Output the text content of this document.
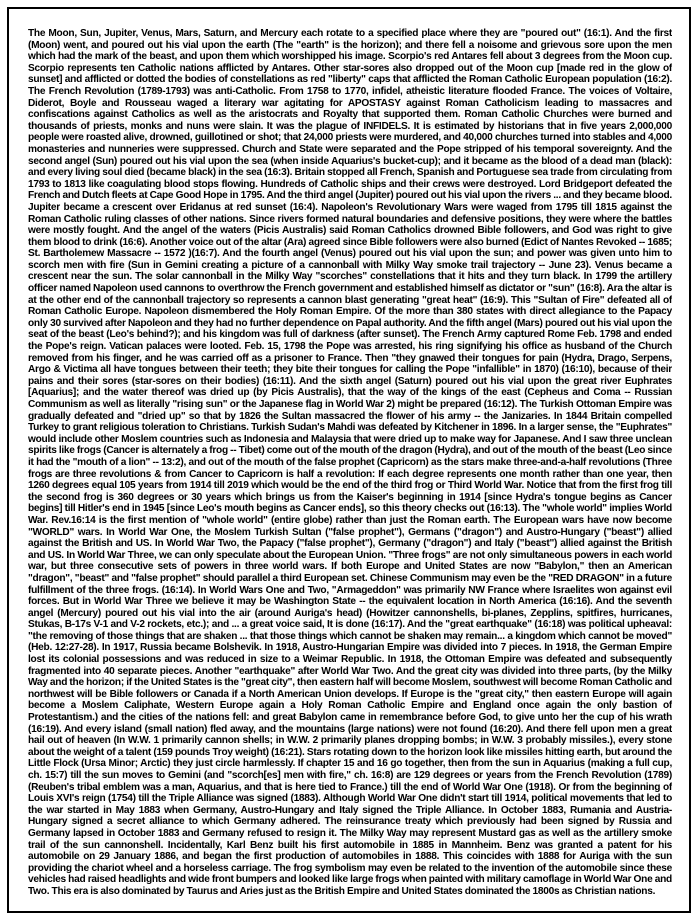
The Moon, Sun, Jupiter, Venus, Mars, Saturn, and Mercury each rotate to a specified place where they are "poured out" (16:1). And the first (Moon) went, and poured out his vial upon the earth (The "earth" is the horizon); and there fell a noisome and grievous sore upon the men which had the mark of the beast, and upon them which worshipped his image. Scorpio's red Antares fell about 3 degrees from the Moon cup. Scorpio represents ten Catholic nations afflicted by Antares. Other star-sores also dropped out of the Moon cup [made red in the glow of sunset] and afflicted or dotted the bodies of constellations as red "liberty" caps that afflicted the Roman Catholic European population (16:2). The French Revolution (1789-1793) was anti-Catholic. From 1758 to 1770, infidel, atheistic literature flooded France. The voices of Voltaire, Diderot, Boyle and Rousseau waged a literary war agitating for APOSTASY against Roman Catholicism leading to massacres and confiscations against Catholics as well as the aristocrats and Royalty that supported them. Roman Catholic Churches were burned and thousands of priests, monks and nuns were slain. It was the plague of INFIDELS. It is estimated by historians that in five years 2,000,000 people were roasted alive, drowned, guillotined or shot; that 24,000 priests were murdered, and 40,000 churches turned into stables and 4,000 monasteries and nunneries were suppressed. Church and State were separated and the Pope stripped of his temporal sovereignty. And the second angel (Sun) poured out his vial upon the sea (when inside Aquarius's bucket-cup); and it became as the blood of a dead man (black): and every living soul died (became black) in the sea (16:3). Britain stopped all French, Spanish and Portuguese sea trade from circulating from 1793 to 1813 like coagulating blood stops flowing. Hundreds of Catholic ships and their crews were destroyed. Lord Bridgeport defeated the French and Dutch fleets at Cape Good Hope in 1795. And the third angel (Jupiter) poured out his vial upon the rivers ... and they became blood. Jupiter became a crescent over Eridanus at red sunset (16:4). Napoleon's Revolutionary Wars were waged from 1795 till 1815 against the Roman Catholic ruling classes of other nations. Since rivers formed natural boundaries and defensive positions, they were where the battles were mostly fought. And the angel of the waters (Picis Australis) said Roman Catholics drowned Bible followers, and God was right to give them blood to drink (16:6). Another voice out of the altar (Ara) agreed since Bible followers were also burned (Edict of Nantes Revoked -- 1685; St. Bartholemew Massacre -- 1572 )(16:7). And the fourth angel (Venus) poured out his vial upon the sun; and power was given unto him to scorch men with fire (Sun in Gemini creating a picture of a cannonball with Milky Way smoke trail trajectory -- June 23). Venus became a crescent near the sun. The solar cannonball in the Milky Way "scorches" constellations that it hits and they turn black. In 1799 the artillery officer named Napoleon used cannons to overthrow the French government and established himself as dictator or "sun" (16:8). Ara the altar is at the other end of the cannonball trajectory so represents a cannon blast generating "great heat" (16:9). This "Sultan of Fire" defeated all of Roman Catholic Europe. Napoleon dismembered the Holy Roman Empire. Of the more than 380 states with direct allegiance to the Papacy only 30 survived after Napoleon and they had no further dependence on Papal authority. And the fifth angel (Mars) poured out his vial upon the seat of the beast (Leo's behind?); and his kingdom was full of darkness (after sunset). The French Army captured Rome Feb. 1798 and ended the Pope's reign. Vatican palaces were looted. Feb. 15, 1798 the Pope was arrested, his ring signifying his office as husband of the Church removed from his finger, and he was carried off as a prisoner to France. Then "they gnawed their tongues for pain (Hydra, Drago, Serpens, Argo & Victima all have tongues between their teeth; they bite their tongues for calling the Pope "infallible" in 1870) (16:10), because of their pains and their sores (star-sores on their bodies) (16:11). And the sixth angel (Saturn) poured out his vial upon the great river Euphrates [Aquarius]; and the water thereof was dried up (by Picis Australis), that the way of the kings of the east (Cepheus and Coma -- Russian Communism as well as literally "rising sun" or the Japanese flag in World War 2) might be prepared (16:12). The Turkish Ottoman Empire was gradually defeated and "dried up" so that by 1826 the Sultan massacred the flower of his army -- the Janizaries. In 1844 Britain compelled Turkey to grant religious toleration to Christians. Turkish Sudan's Mahdi was defeated by Kitchener in 1896. In a larger sense, the "Euphrates" would include other Moslem countries such as Indonesia and Malaysia that were dried up to make way for Japanese. And I saw three unclean spirits like frogs (Cancer is alternately a frog -- Tibet) come out of the mouth of the dragon (Hydra), and out of the mouth of the beast (Leo since it had the "mouth of a lion" -- 13:2), and out of the mouth of the false prophet (Capricorn) as the stars make three-and-a-half revolutions (Three frogs are three revolutions & from Cancer to Capricorn is half a revolution: If each degree represents one month rather than one year, then 1260 degrees equal 105 years from 1914 till 2019 which would be the end of the third frog or Third World War. Notice that from the first frog till the second frog is 360 degrees or 30 years which brings us from the Kaiser's beginning in 1914 [since Hydra's tongue begins as Cancer begins] till Hitler's end in 1945 [since Leo's mouth begins as Cancer ends], so this theory checks out (16:13). The "whole world" implies World War. Rev.16:14 is the first mention of "whole world" (entire globe) rather than just the Roman earth. The European wars have now become "WORLD" wars. In World War One, the Moslem Turkish Sultan ("false prophet"), Germans ("dragon") and Austro-Hungary ("beast") allied against the British and US. In World War Two, the Papacy ("false prophet"), Germany ("dragon") and Italy ("beast") allied against the British and US. In World War Three, we can only speculate about the European Union. "Three frogs" are not only simultaneous powers in each world war, but three consecutive sets of powers in three world wars. If both Europe and United States are now "Babylon," then an American "dragon", "beast" and "false prophet" should parallel a third European set. Chinese Communism may even be the "RED DRAGON" in a future fulfillment of the three frogs. (16:14). In World Wars One and Two, "Armageddon" was primarily NW France where Israelites won against evil forces. But in World War Three we believe it may be Washington State -- the equivalent location in North America (16:16). And the seventh angel (Mercury) poured out his vial into the air (around Auriga's head) (Howitzer cannonshells, bi-planes, Zepplins, spitfires, hurricanes, Stukas, B-17s V-1 and V-2 rockets, etc.); and ... a great voice said, It is done (16:17). And the "great earthquake" (16:18) was political upheaval: "the removing of those things that are shaken ... that those things which cannot be shaken may remain... a kingdom which cannot be moved" (Heb. 12:27-28). In 1917, Russia became Bolshevik. In 1918, Austro-Hungarian Empire was divided into 7 pieces. In 1918, the German Empire lost its colonial possessions and was reduced in size to a Weimar Republic. In 1918, the Ottoman Empire was defeated and subsequently fragmented into 40 separate pieces. Another "earthquake" after World War Two. And the great city was divided into three parts, (by the Milky Way and the horizon; if the United States is the "great city", then eastern half will become Moslem, southwest will become Roman Catholic and northwest will be Bible followers or Canada if a North American Union develops. If Europe is the "great city," then eastern Europe will again become a Moslem Caliphate, Western Europe again a Holy Roman Catholic Empire and England once again the only bastion of Protestantism.) and the cities of the nations fell: and great Babylon came in remembrance before God, to give unto her the cup of his wrath (16:19). And every island (small nation) fled away, and the mountains (large nations) were not found (16:20). And there fell upon men a great hail out of heaven (In W.W. 1 primarily cannon shells; in W.W. 2 primarily planes dropping bombs; in W.W. 3 probably missiles.), every stone about the weight of a talent (159 pounds Troy weight) (16:21). Stars rotating down to the horizon look like missiles hitting earth, but around the Little Flock (Ursa Minor; Arctic) they just circle harmlessly. If chapter 15 and 16 go together, then from the sun in Aquarius (making a full cup, ch. 15:7) till the sun moves to Gemini (and "scorch[es] men with fire," ch. 16:8) are 129 degrees or years from the French Revolution (1789) (Reuben's tribal emblem was a man, Aquarius, and that is here tied to France.) till the end of World War One (1918). Or from the beginning of Louis XVI's reign (1754) till the Triple Alliance was signed (1883). Although World War One didn't start till 1914, political movements that led to the war started in May 1883 when Germany, Austro-Hungary and Italy signed the Triple Alliance. In October 1883, Rumania and Austria-Hungary signed a secret alliance to which Germany adhered. The reinsurance treaty which previously had been signed by Russia and Germany lapsed in October 1883 and Germany refused to resign it. The Milky Way may represent Mustard gas as well as the artillery smoke trail of the sun cannonshell. Incidentally, Karl Benz built his first automobile in 1885 in Mannheim. Benz was granted a patent for his automobile on 29 January 1886, and began the first production of automobiles in 1888. This coincides with 1888 for Auriga with the sun providing the chariot wheel and a horseless carriage. The frog symbolism may even be related to the invention of the automobile since these vehicles had raised headlights and wide front bumpers and looked like large frogs when painted with military camoflage in World War One and Two. This era is also dominated by Taurus and Aries just as the British Empire and United States dominated the 1800s as Christian nations.
